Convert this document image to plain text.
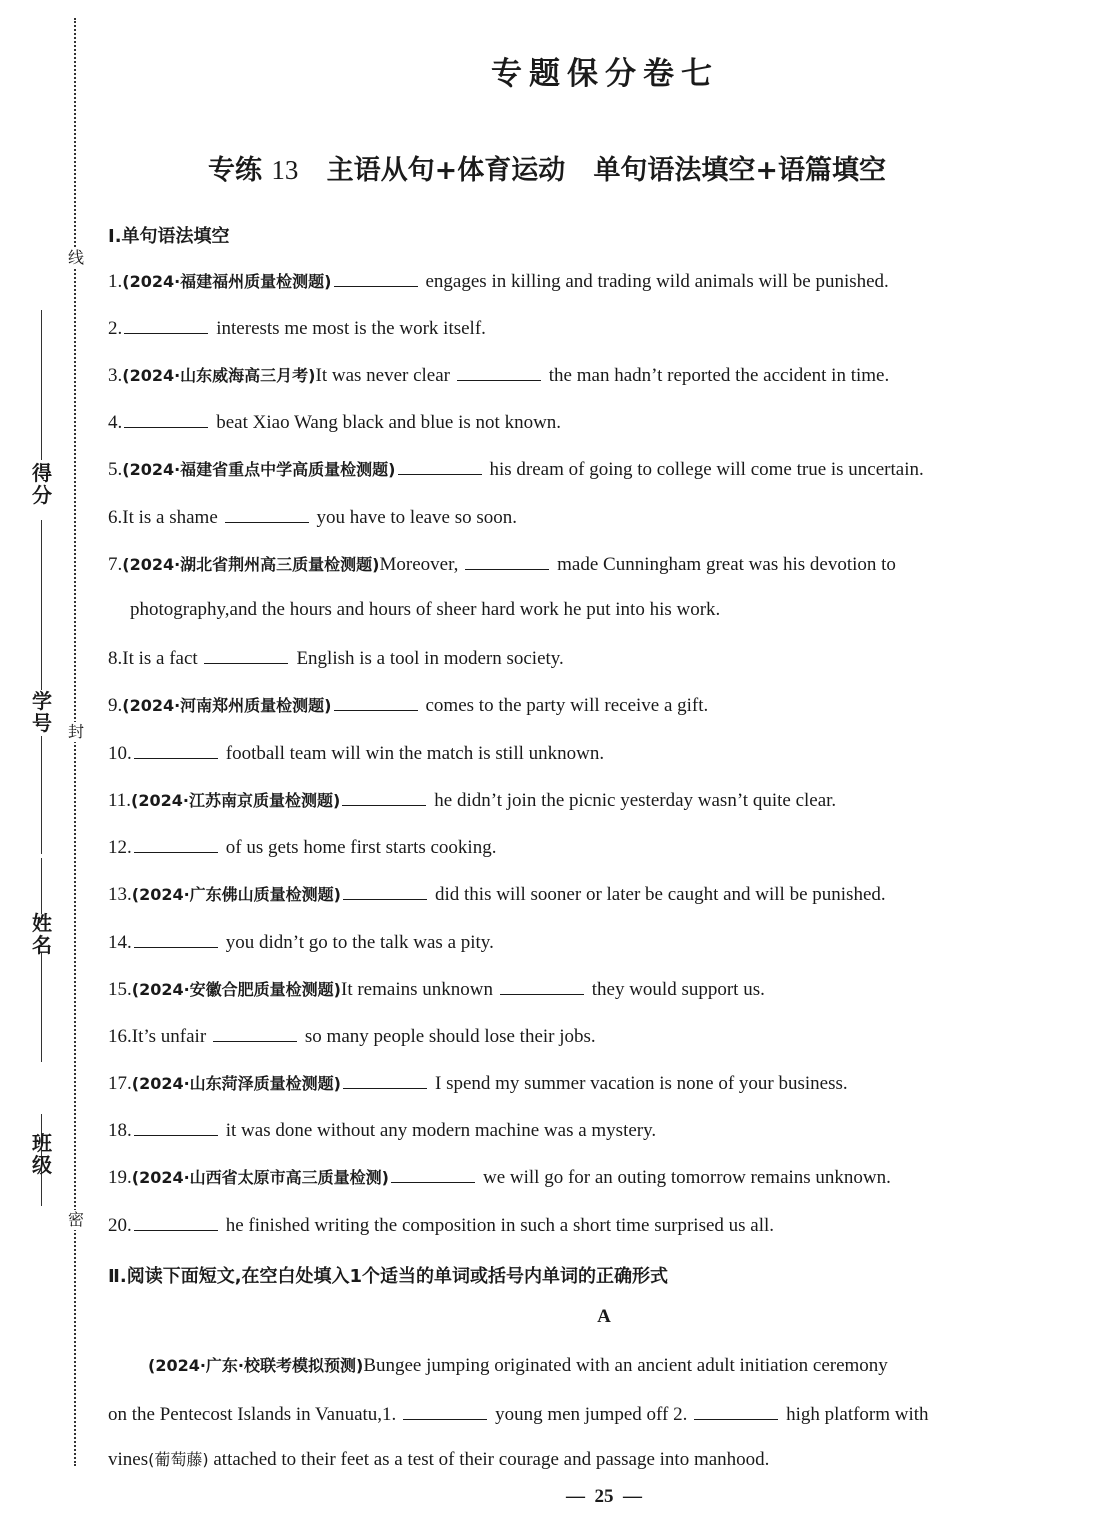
班级
姓名
学号
得分
线
封
密
专题保分卷七
专练 13 主语从句+体育运动 单句语法填空+语篇填空
Ⅰ.单句语法填空
1.(2024·福建福州质量检测题)	engages in killing and trading wild animals will be punished.
2.	interests me most is the work itself.
3.(2024·山东威海高三月考)It was never clear	the man hadn’t reported the accident in time.
4.	beat Xiao Wang black and blue is not known.
5.(2024·福建省重点中学高质量检测题)	his dream of going to college will come true is uncertain.
6.It is a shame	you have to leave so soon.
7.(2024·湖北省荆州高三质量检测题)Moreover,	made Cunningham great was his devotion to
photography,and the hours and hours of sheer hard work he put into his work.
8.It is a fact	English is a tool in modern society.
9.(2024·河南郑州质量检测题)	comes to the party will receive a gift.
10.	football team will win the match is still unknown.
11.(2024·江苏南京质量检测题)	he didn’t join the picnic yesterday wasn’t quite clear.
12.	of us gets home first starts cooking.
13.(2024·广东佛山质量检测题)	did this will sooner or later be caught and will be punished.
14.	you didn’t go to the talk was a pity.
15.(2024·安徽合肥质量检测题)It remains unknown	they would support us.
16.It’s unfair	so many people should lose their jobs.
17.(2024·山东菏泽质量检测题)	I spend my summer vacation is none of your business.
18.	it was done without any modern machine was a mystery.
19.(2024·山西省太原市高三质量检测)	we will go for an outing tomorrow remains unknown.
20.	he finished writing the composition in such a short time surprised us all.
Ⅱ.阅读下面短文,在空白处填入1个适当的单词或括号内单词的正确形式
A
(2024·广东·校联考模拟预测)Bungee jumping originated with an ancient adult initiation ceremony
on the Pentecost Islands in Vanuatu,1.	young men jumped off 2.	high platform with
vines(葡萄藤) attached to their feet as a test of their courage and passage into manhood.
—  25  —
